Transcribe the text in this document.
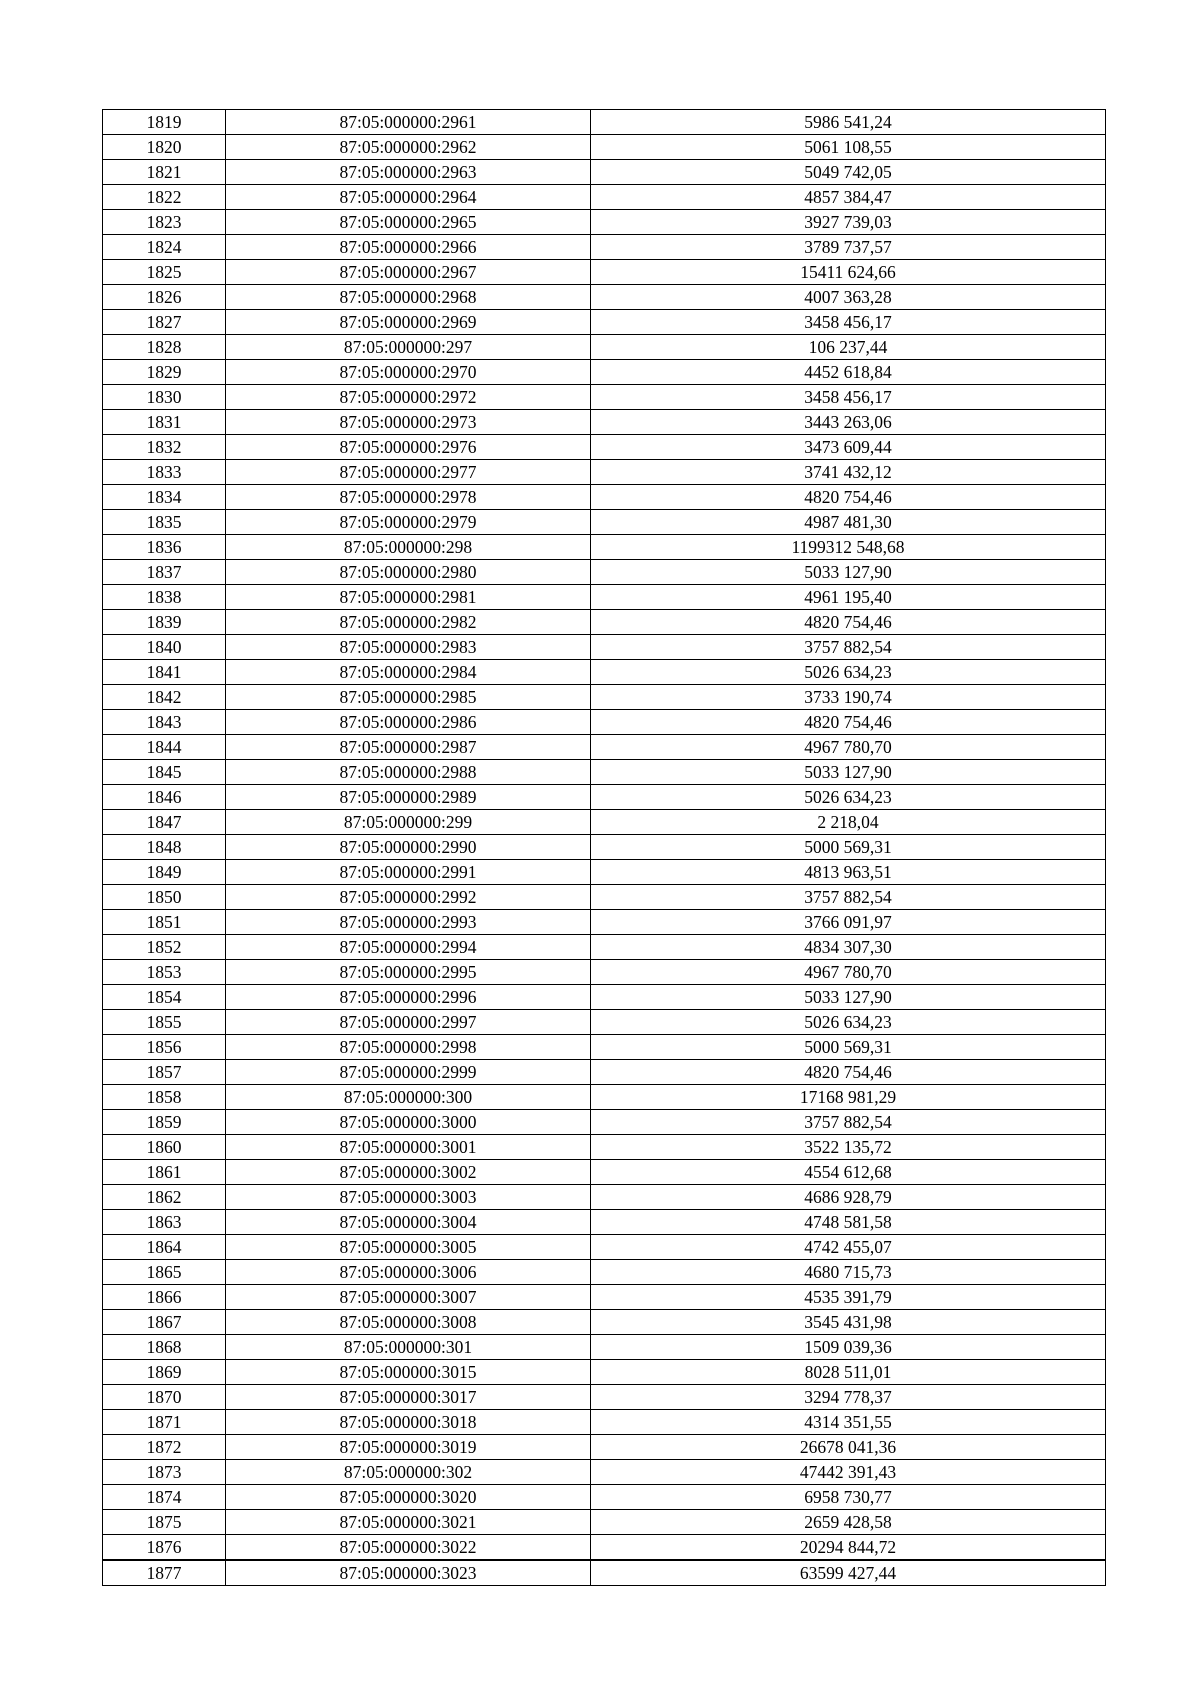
1819	87:05:000000:2961	5986 541,24
1820	87:05:000000:2962	5061 108,55
1821	87:05:000000:2963	5049 742,05
1822	87:05:000000:2964	4857 384,47
1823	87:05:000000:2965	3927 739,03
1824	87:05:000000:2966	3789 737,57
1825	87:05:000000:2967	15411 624,66
1826	87:05:000000:2968	4007 363,28
1827	87:05:000000:2969	3458 456,17
1828	87:05:000000:297	106 237,44
1829	87:05:000000:2970	4452 618,84
1830	87:05:000000:2972	3458 456,17
1831	87:05:000000:2973	3443 263,06
1832	87:05:000000:2976	3473 609,44
1833	87:05:000000:2977	3741 432,12
1834	87:05:000000:2978	4820 754,46
1835	87:05:000000:2979	4987 481,30
1836	87:05:000000:298	1199312 548,68
1837	87:05:000000:2980	5033 127,90
1838	87:05:000000:2981	4961 195,40
1839	87:05:000000:2982	4820 754,46
1840	87:05:000000:2983	3757 882,54
1841	87:05:000000:2984	5026 634,23
1842	87:05:000000:2985	3733 190,74
1843	87:05:000000:2986	4820 754,46
1844	87:05:000000:2987	4967 780,70
1845	87:05:000000:2988	5033 127,90
1846	87:05:000000:2989	5026 634,23
1847	87:05:000000:299	2 218,04
1848	87:05:000000:2990	5000 569,31
1849	87:05:000000:2991	4813 963,51
1850	87:05:000000:2992	3757 882,54
1851	87:05:000000:2993	3766 091,97
1852	87:05:000000:2994	4834 307,30
1853	87:05:000000:2995	4967 780,70
1854	87:05:000000:2996	5033 127,90
1855	87:05:000000:2997	5026 634,23
1856	87:05:000000:2998	5000 569,31
1857	87:05:000000:2999	4820 754,46
1858	87:05:000000:300	17168 981,29
1859	87:05:000000:3000	3757 882,54
1860	87:05:000000:3001	3522 135,72
1861	87:05:000000:3002	4554 612,68
1862	87:05:000000:3003	4686 928,79
1863	87:05:000000:3004	4748 581,58
1864	87:05:000000:3005	4742 455,07
1865	87:05:000000:3006	4680 715,73
1866	87:05:000000:3007	4535 391,79
1867	87:05:000000:3008	3545 431,98
1868	87:05:000000:301	1509 039,36
1869	87:05:000000:3015	8028 511,01
1870	87:05:000000:3017	3294 778,37
1871	87:05:000000:3018	4314 351,55
1872	87:05:000000:3019	26678 041,36
1873	87:05:000000:302	47442 391,43
1874	87:05:000000:3020	6958 730,77
1875	87:05:000000:3021	2659 428,58
1876	87:05:000000:3022	20294 844,72
1877	87:05:000000:3023	63599 427,44
